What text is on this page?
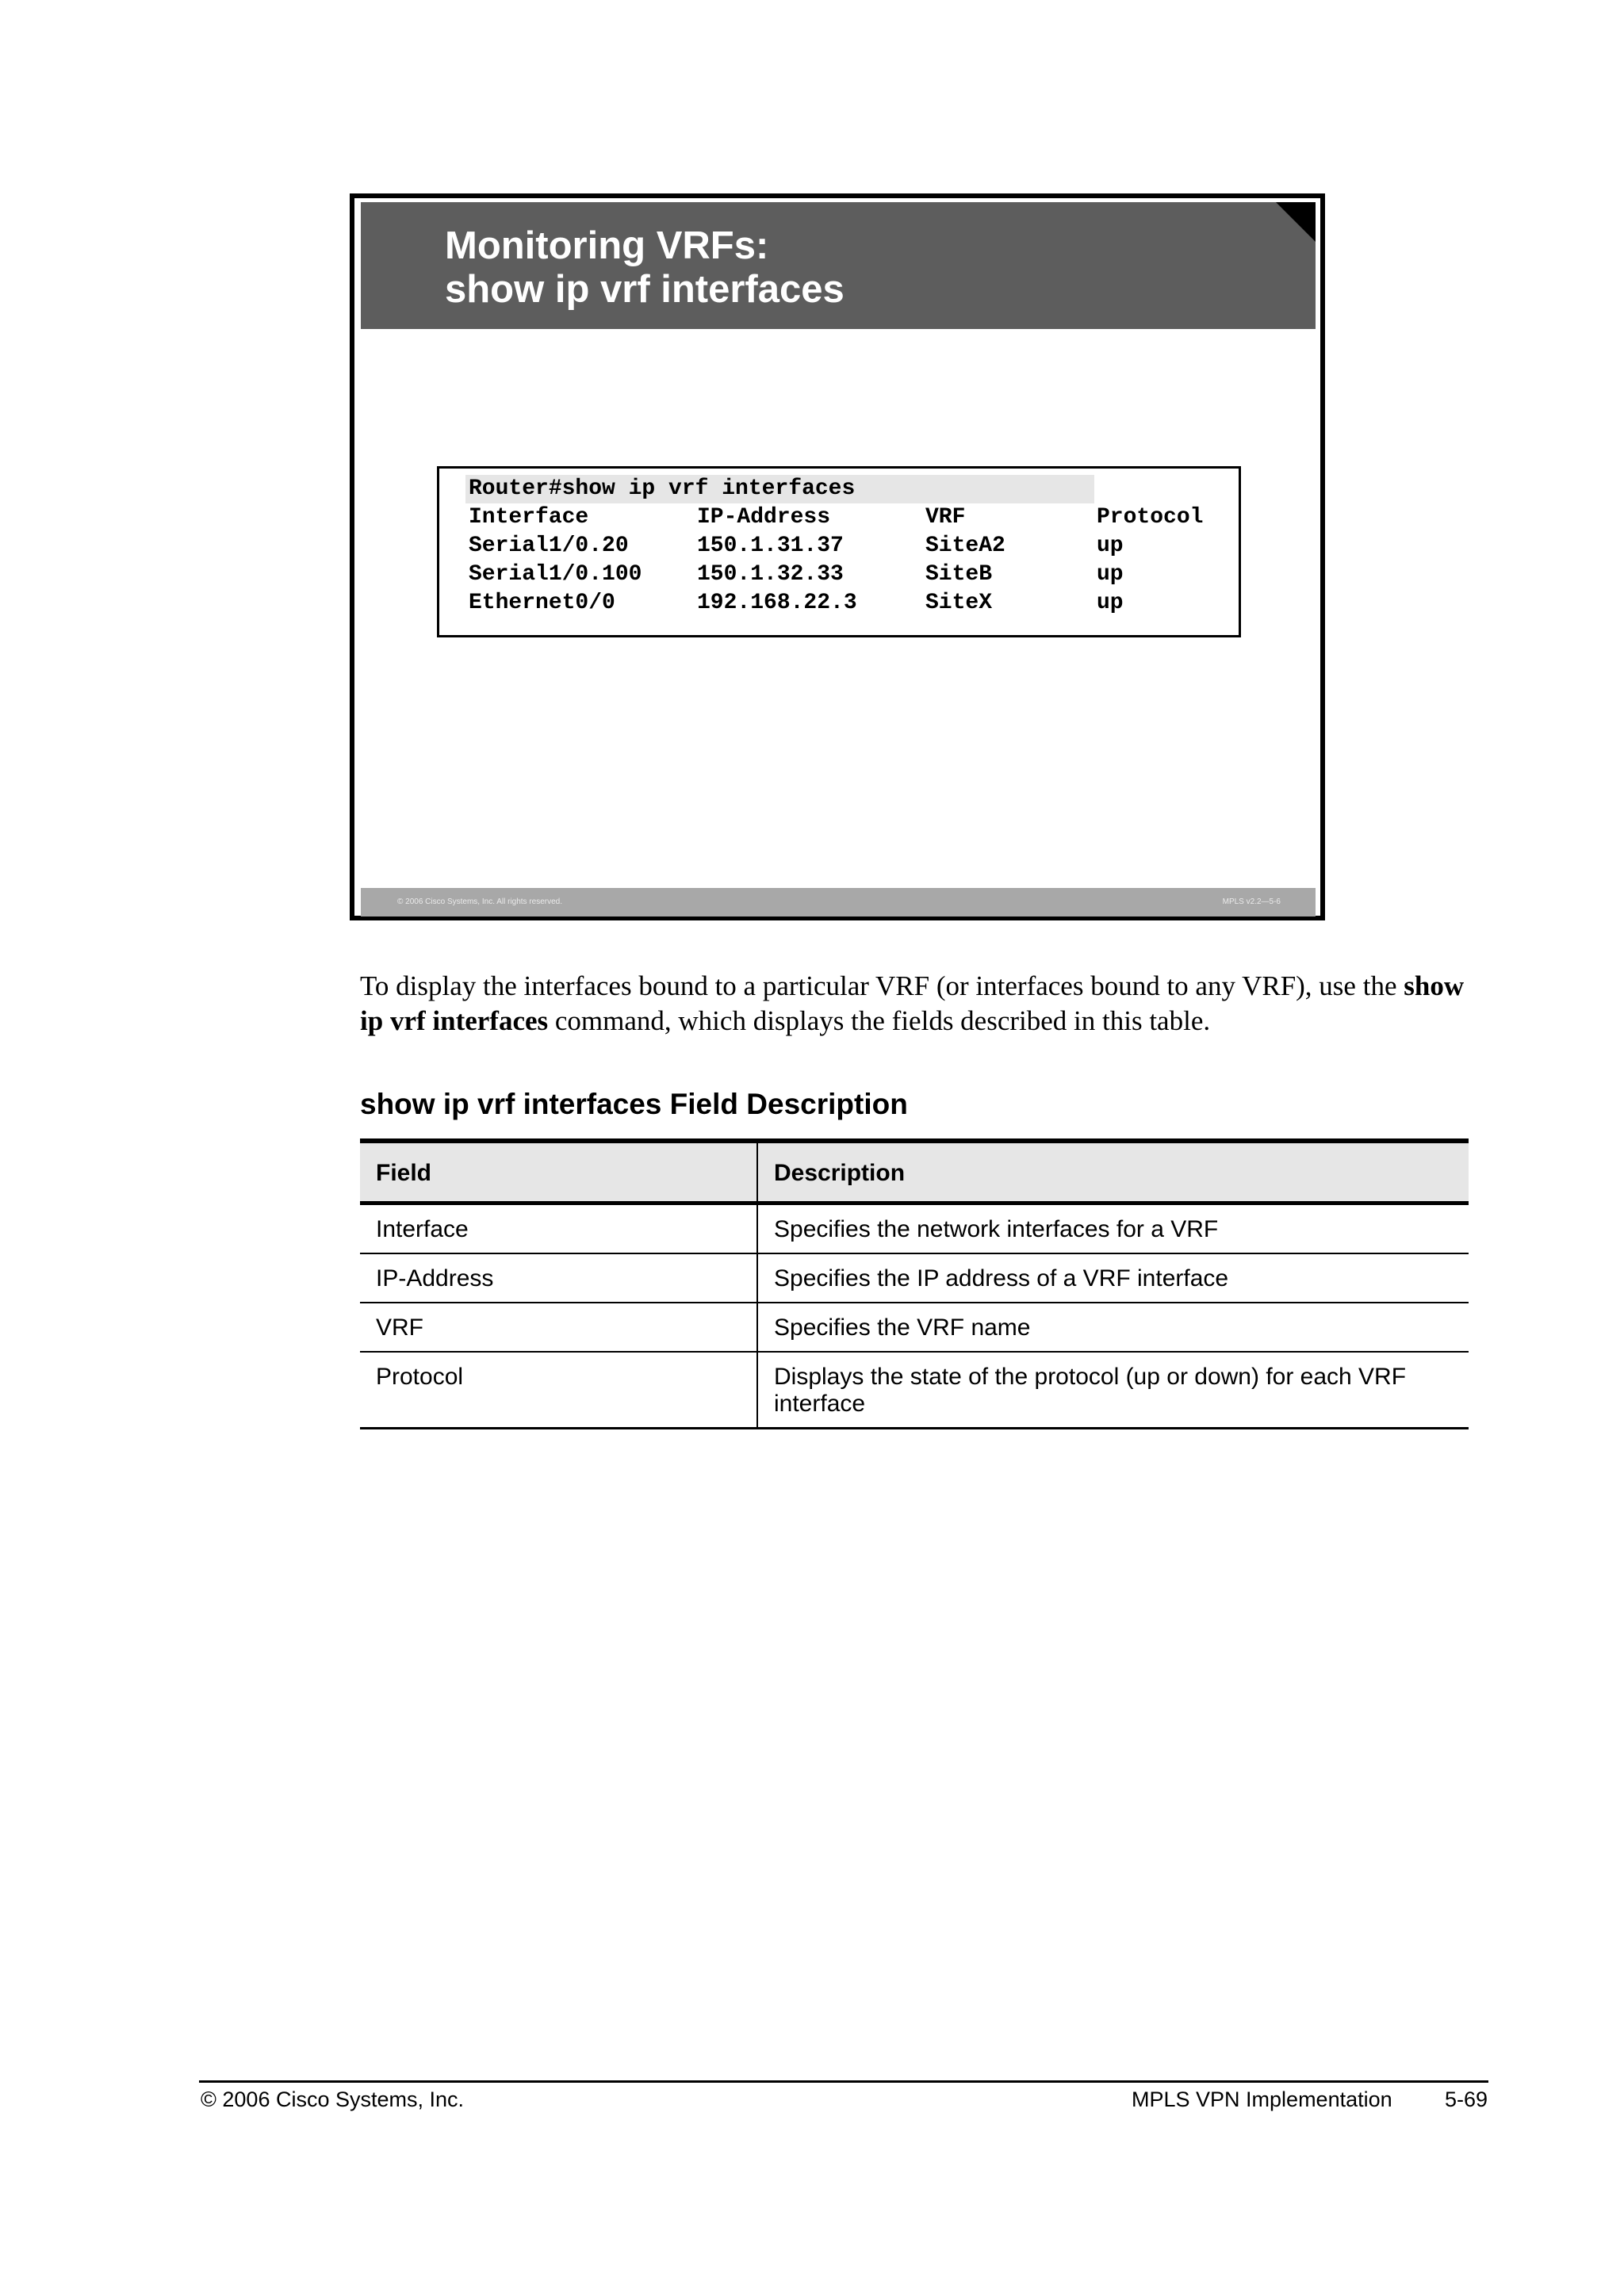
Monitoring VRFs:
show ip vrf interfaces
Router#show ip vrf interfaces
Interface	IP-Address	VRF	Protocol
Serial1/0.20	150.1.31.37	SiteA2	up
Serial1/0.100 150.1.32.33	SiteB	up
Ethernet0/0	192.168.22.3	SiteX	up
© 2006 Cisco Systems, Inc. All rights reserved.	MPLS v2.2—5-6

To display the interfaces bound to a particular VRF (or interfaces bound to any VRF), use the show ip vrf interfaces command, which displays the fields described in this table.

show ip vrf interfaces Field Description
Field	Description
Interface	Specifies the network interfaces for a VRF
IP-Address	Specifies the IP address of a VRF interface
VRF	Specifies the VRF name
Protocol	Displays the state of the protocol (up or down) for each VRF
interface
© 2006 Cisco Systems, Inc.	MPLS VPN Implementation 5-69
